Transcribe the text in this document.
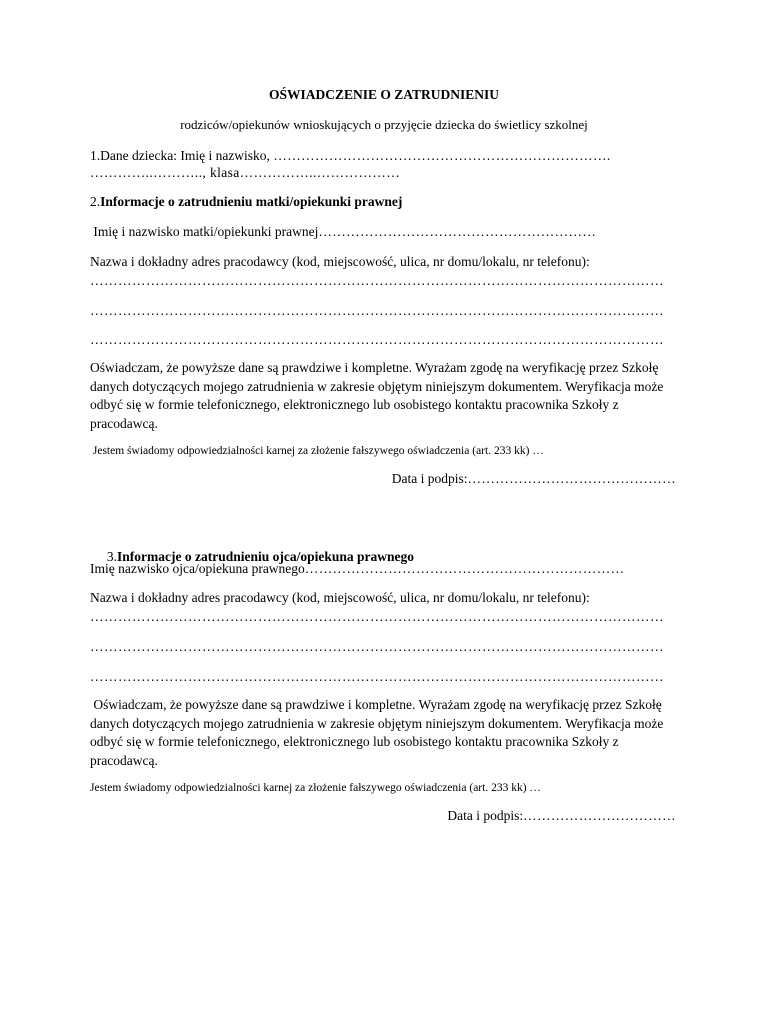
OŚWIADCZENIE O ZATRUDNIENIU
rodziców/opiekunów wnioskujących o przyjęcie dziecka do świetlicy szkolnej
1.Dane dziecka: Imię i nazwisko, ……………………………………………………………….
…………..……….., klasa……………..………………
2.Informacje o zatrudnieniu matki/opiekunki prawnej
Imię i nazwisko matki/opiekunki prawnej……………………………………………………
Nazwa i dokładny adres pracodawcy (kod, miejscowość, ulica, nr domu/lokalu, nr telefonu):
……………………………………………………………………………………………………………
……………………………………………………………………………………………………………
……………………………………………………………………………………………………………
Oświadczam, że powyższe dane są prawdziwe i kompletne. Wyrażam zgodę na weryfikację przez Szkołę danych dotyczących mojego zatrudnienia w zakresie objętym niniejszym dokumentem. Weryfikacja może odbyć się w formie telefonicznego, elektronicznego lub osobistego kontaktu pracownika Szkoły z pracodawcą.
Jestem świadomy odpowiedzialności karnej za złożenie fałszywego oświadczenia (art. 233 kk) …
Data i podpis:………………………………………

3.Informacje o zatrudnieniu ojca/opiekuna prawnego

Imię nazwisko ojca/opiekuna prawnego……………………………………………………………
Nazwa i dokładny adres pracodawcy (kod, miejscowość, ulica, nr domu/lokalu, nr telefonu):
……………………………………………………………………………………………………………
……………………………………………………………………………………………………………
……………………………………………………………………………………………………………
Oświadczam, że powyższe dane są prawdziwe i kompletne. Wyrażam zgodę na weryfikację przez Szkołę danych dotyczących mojego zatrudnienia w zakresie objętym niniejszym dokumentem. Weryfikacja może odbyć się w formie telefonicznego, elektronicznego lub osobistego kontaktu pracownika Szkoły z pracodawcą.
Jestem świadomy odpowiedzialności karnej za złożenie fałszywego oświadczenia (art. 233 kk) …
Data i podpis:……………………………
